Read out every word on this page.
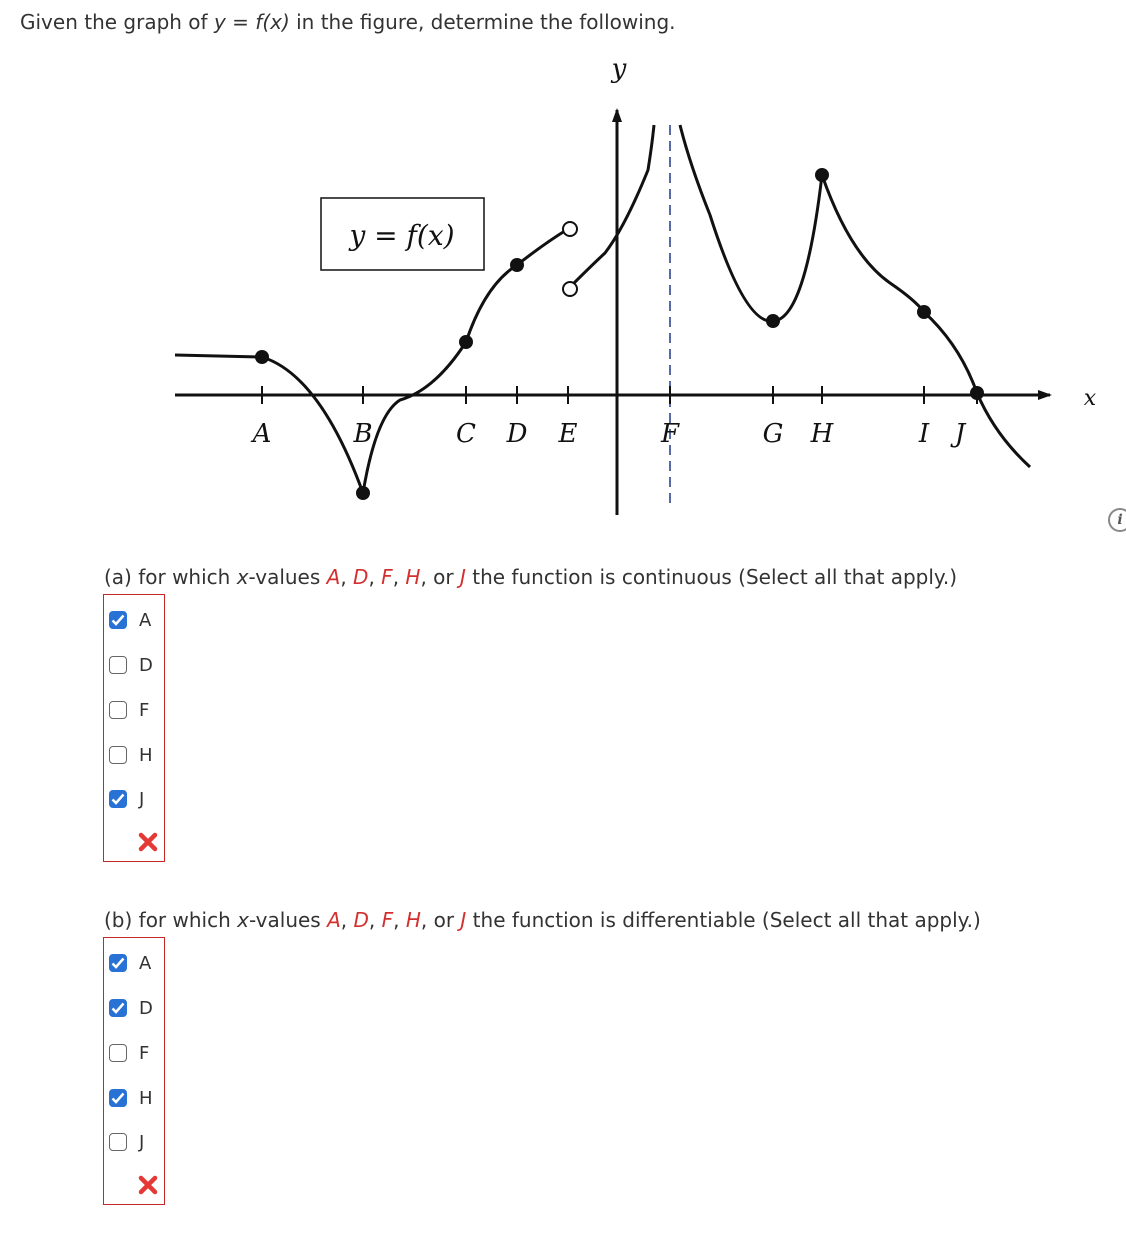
Given the graph of y = f(x) in the figure, determine the following.
y = f(x)
y
x
A	B	C D E	F	G H	I J
i
(a) for which x-values A, D, F, H, or J the function is continuous (Select all that apply.)
A
D
F
H
J
(b) for which x-values A, D, F, H, or J the function is differentiable (Select all that apply.)
A
D
F
H
J
